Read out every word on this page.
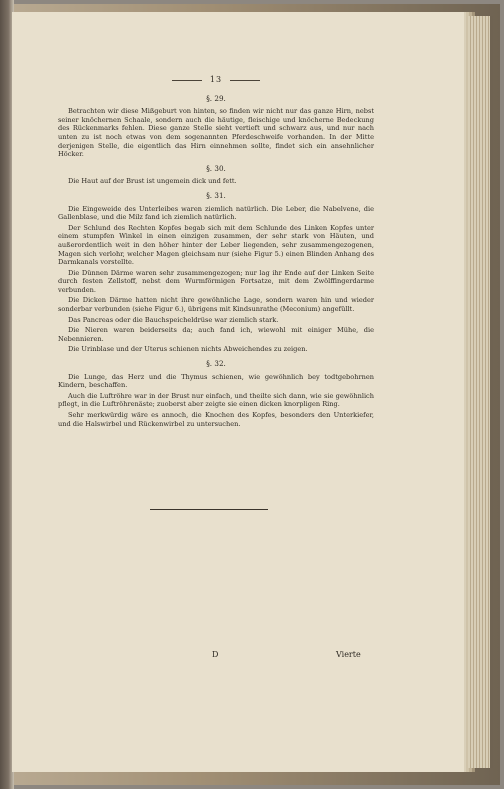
13
§. 29.

Betrachten wir diese Mißgeburt von hinten, so finden wir nicht nur das ganze Hirn, nebst seiner knöchernen Schaale, sondern auch die häutige, fleischige und knöcherne Bedeckung des Rückenmarks fehlen. Diese ganze Stelle sieht vertieft und schwarz aus, und nur nach unten zu ist noch etwas von dem sogenannten Pferdeschweife vorhanden. In der Mitte derjenigen Stelle, die eigentlich das Hirn einnehmen sollte, findet sich ein ansehnlicher Höcker.

§. 30.

Die Haut auf der Brust ist ungemein dick und fett.

§. 31.

Die Eingeweide des Unterleibes waren ziemlich natürlich. Die Leber, die Nabelvene, die Gallenblase, und die Milz fand ich ziemlich natürlich.

Der Schlund des Rechten Kopfes begab sich mit dem Schlunde des Linken Kopfes unter einem stumpfen Winkel in einen einzigen zusammen, der sehr stark von Häuten, und außerordentlich weit in den höher hinter der Leber liegenden, sehr zusammengezogenen, Magen sich verlohr, welcher Magen gleichsam nur (siehe Figur 5.) einen Blinden Anhang des Darmkanals vorstellte.

Die Dünnen Därme waren sehr zusammengezogen; nur lag ihr Ende auf der Linken Seite durch festen Zellstoff, nebst dem Wurmförmigen Fortsatze, mit dem Zwölffingerdarme verbunden.

Die Dicken Därme hatten nicht ihre gewöhnliche Lage, sondern waren hin und wieder sonderbar verbunden (siehe Figur 6.), übrigens mit Kindsunrathe (Meconium) angefüllt.

Das Pancreas oder die Bauchspeicheldrüse war ziemlich stark.

Die Nieren waren beiderseits da; auch fand ich, wiewohl mit einiger Mühe, die Nebennieren.

Die Urinblase und der Uterus schienen nichts Abweichendes zu zeigen.

§. 32.

Die Lunge, das Herz und die Thymus schienen, wie gewöhnlich bey todtgebohrnen Kindern, beschaffen.

Auch die Luftröhre war in der Brust nur einfach, und theilte sich dann, wie sie gewöhnlich pflegt, in die Luftröhrenäste; zuoberst aber zeigte sie einen dicken knorpligen Ring.

Sehr merkwürdig wäre es annoch, die Knochen des Kopfes, besonders den Unterkiefer, und die Halswirbel und Rückenwirbel zu untersuchen.

D	Vierte
